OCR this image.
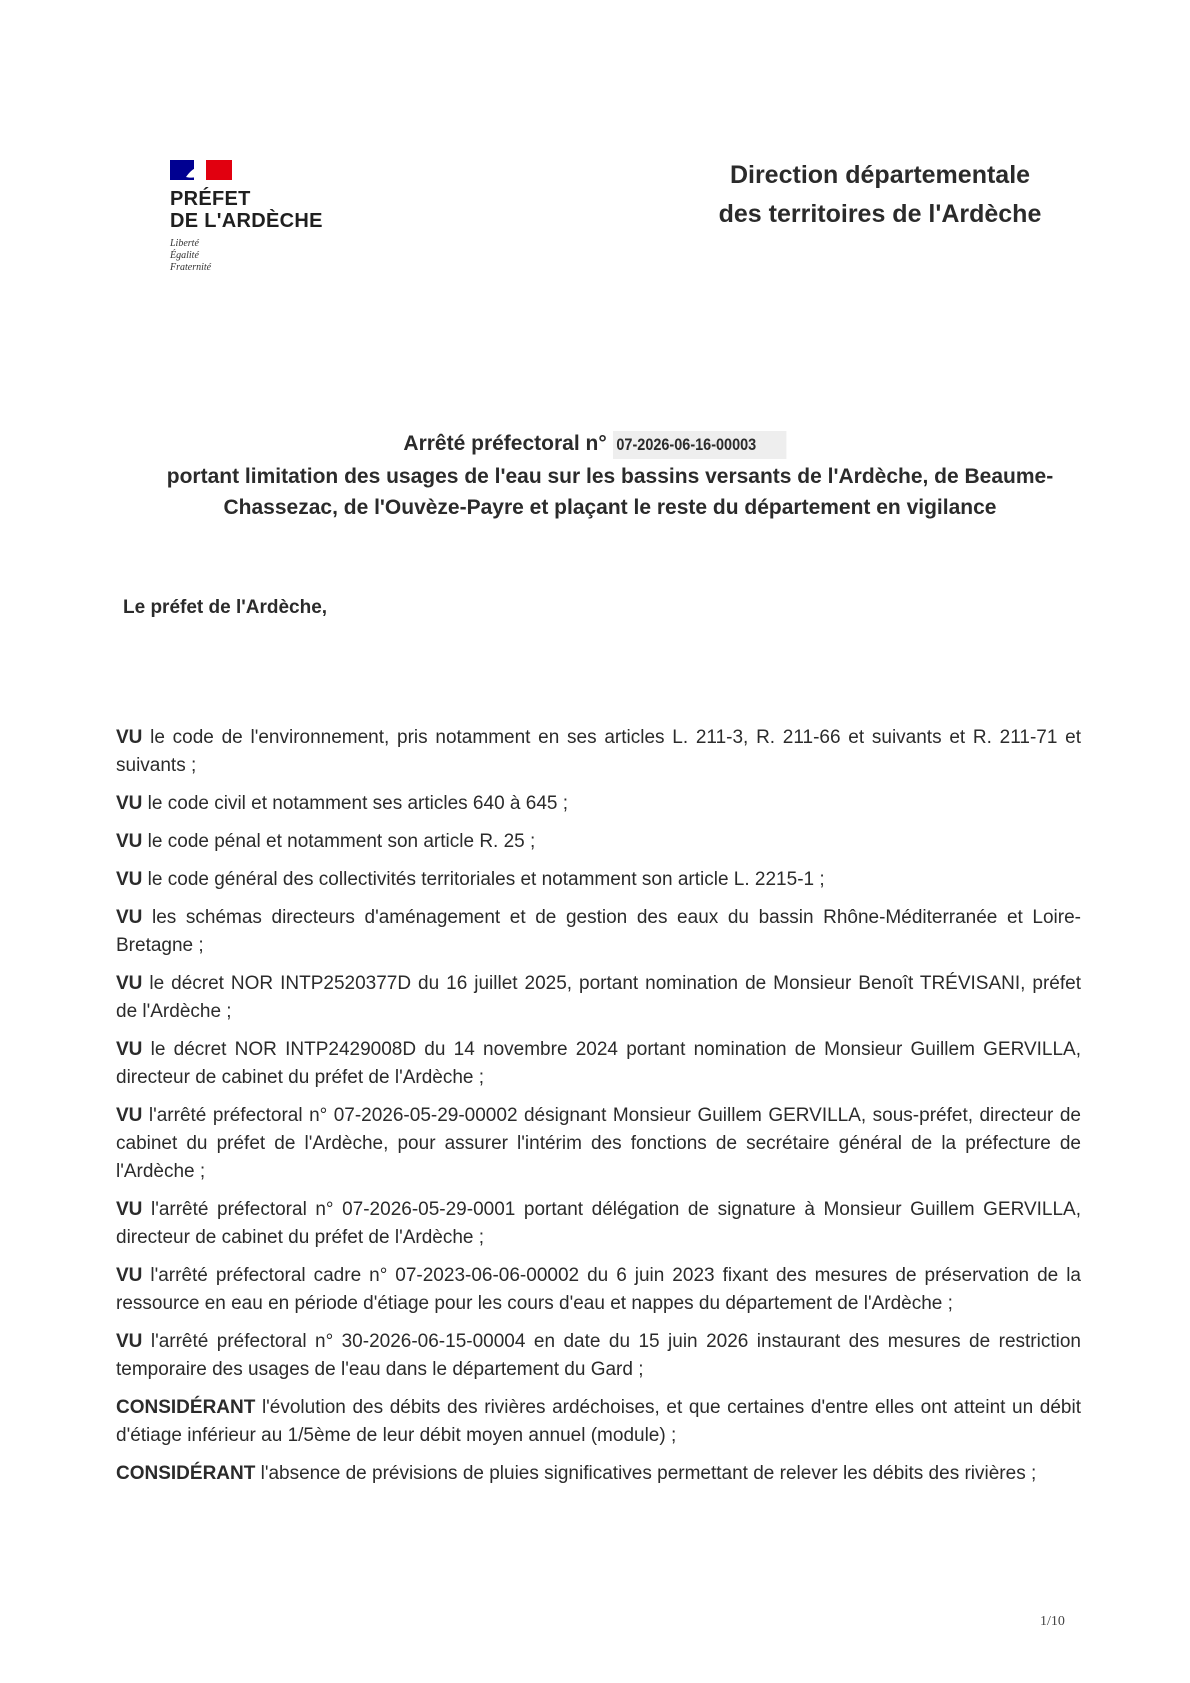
PRÉFET
DE L'ARDÈCHE
Liberté
Égalité
Fraternité
Direction départementale
des territoires de l'Ardèche
Arrêté préfectoral n° 07-2026-06-16-00003
portant limitation des usages de l'eau sur les bassins versants de l'Ardèche, de Beaume-Chassezac, de l'Ouvèze-Payre et plaçant le reste du département en vigilance
Le préfet de l'Ardèche,
VU le code de l'environnement, pris notamment en ses articles L. 211-3, R. 211-66 et suivants et R. 211-71 et suivants ;
VU le code civil et notamment ses articles 640 à 645 ;
VU le code pénal et notamment son article R. 25 ;
VU le code général des collectivités territoriales et notamment son article L. 2215-1 ;
VU les schémas directeurs d'aménagement et de gestion des eaux du bassin Rhône-Méditerranée et Loire-Bretagne ;
VU le décret NOR INTP2520377D du 16 juillet 2025, portant nomination de Monsieur Benoît TRÉVISANI, préfet de l'Ardèche ;
VU le décret NOR INTP2429008D du 14 novembre 2024 portant nomination de Monsieur Guillem GERVILLA, directeur de cabinet du préfet de l'Ardèche ;
VU l'arrêté préfectoral n° 07-2026-05-29-00002 désignant Monsieur Guillem GERVILLA, sous-préfet, directeur de cabinet du préfet de l'Ardèche, pour assurer l'intérim des fonctions de secrétaire général de la préfecture de l'Ardèche ;
VU l'arrêté préfectoral n° 07-2026-05-29-0001 portant délégation de signature à Monsieur Guillem GERVILLA, directeur de cabinet du préfet de l'Ardèche ;
VU l'arrêté préfectoral cadre n° 07-2023-06-06-00002 du 6 juin 2023 fixant des mesures de préservation de la ressource en eau en période d'étiage pour les cours d'eau et nappes du département de l'Ardèche ;
VU l'arrêté préfectoral n° 30-2026-06-15-00004 en date du 15 juin 2026 instaurant des mesures de restriction temporaire des usages de l'eau dans le département du Gard ;
CONSIDÉRANT l'évolution des débits des rivières ardéchoises, et que certaines d'entre elles ont atteint un débit d'étiage inférieur au 1/5ème de leur débit moyen annuel (module) ;
CONSIDÉRANT l'absence de prévisions de pluies significatives permettant de relever les débits des rivières ;
1/10
